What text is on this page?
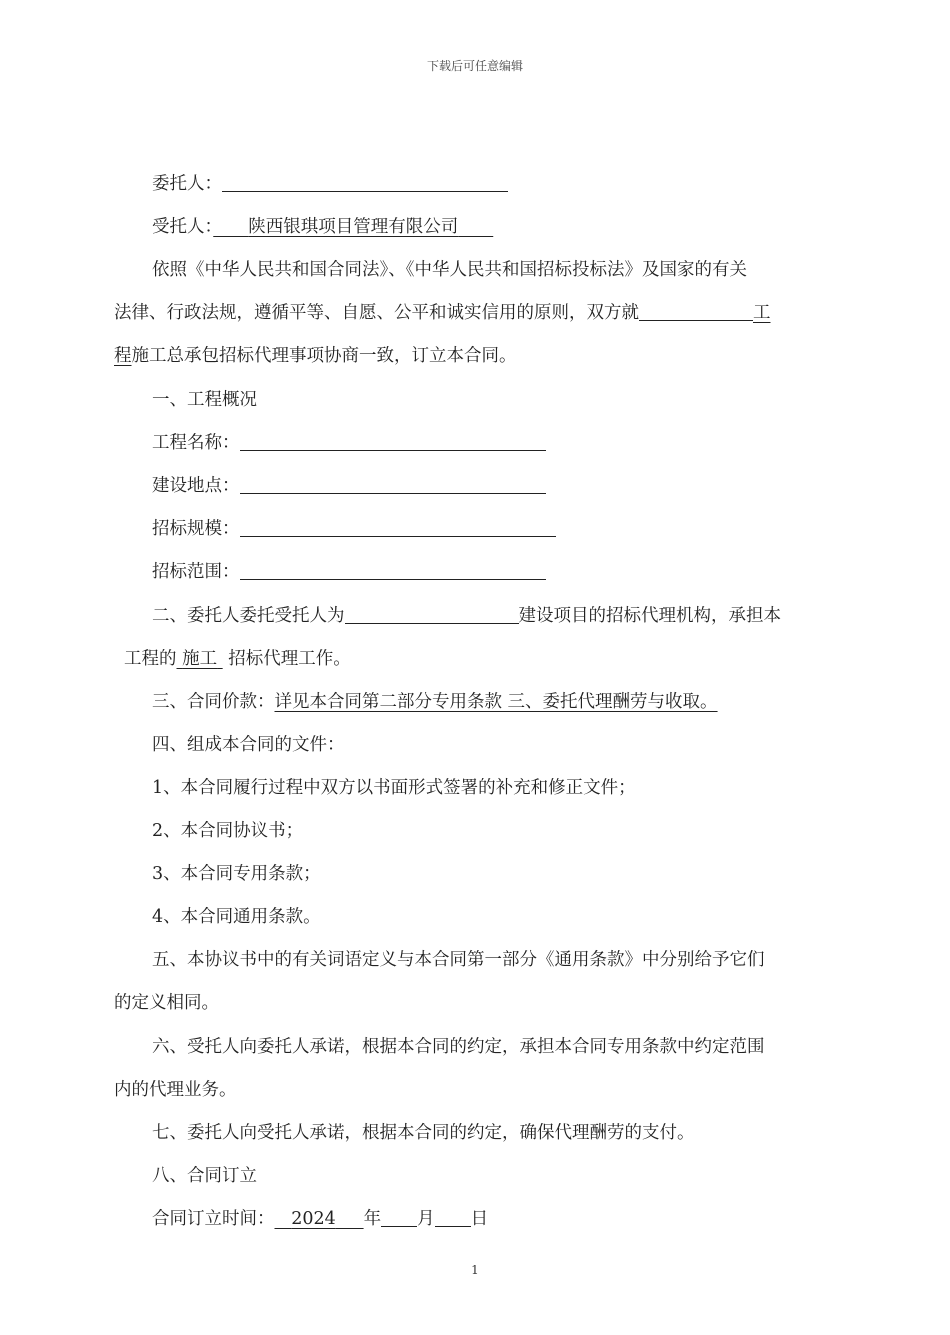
下载后可任意编辑
委托人：
受托人：　　 陕西银琪项目管理有限公司　　
依照《中华人民共和国合同法》、《中华人民共和国招标投标法》及国家的有关
法律、行政法规，遵循平等、自愿、公平和诚实信用的原则，双方就	工
程施工总承包招标代理事项协商一致，订立本合同。
一、工程概况
工程名称：
建设地点：
招标规模：
招标范围：
二、委托人委托受托人为	建设项目的招标代理机构，承担本
工程的 施工 招标代理工作。
三、合同价款：详见本合同第二部分专用条款 三、委托代理酬劳与收取。
四、组成本合同的文件：
1、本合同履行过程中双方以书面形式签署的补充和修正文件；
2、本合同协议书；
3、本合同专用条款；
4、本合同通用条款。
五、本协议书中的有关词语定义与本合同第一部分《通用条款》中分别给予它们
的定义相同。
六、受托人向委托人承诺，根据本合同的约定，承担本合同专用条款中约定范围
内的代理业务。
七、委托人向受托人承诺，根据本合同的约定，确保代理酬劳的支付。
八、合同订立
合同订立时间： 2024 年 月 日
1
